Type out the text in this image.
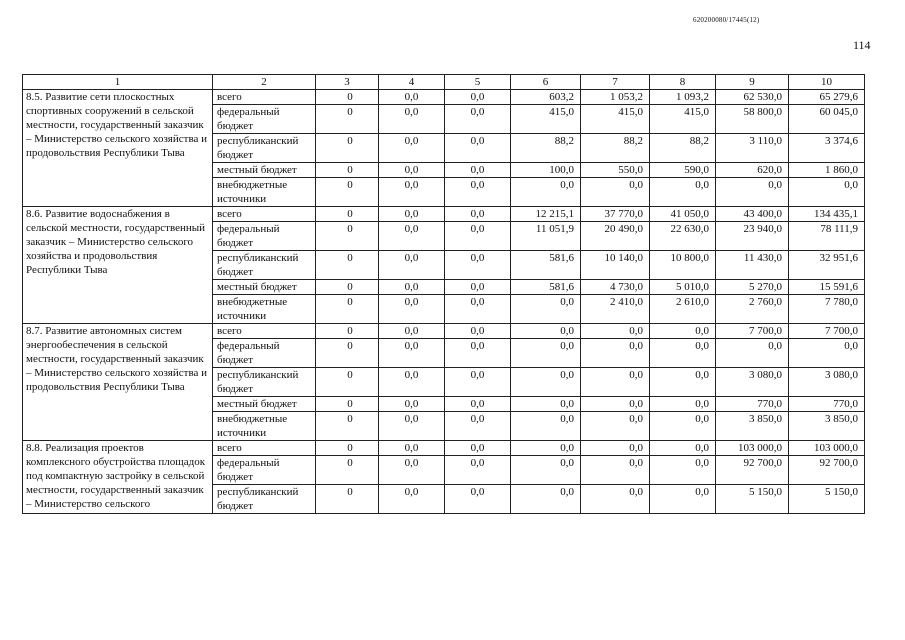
620200080/17445(12)
114
1	2	3	4	5	6	7	8	9	10
8.5. Развитие сети плоскостных спортивных сооружений в сельской местности, государственный заказчик – Министерство сельского хозяйства и продовольствия Республики Тыва	всего	0	0,0	0,0	603,2	1 053,2	1 093,2	62 530,0	65 279,6
	федеральный бюджет	0	0,0	0,0	415,0	415,0	415,0	58 800,0	60 045,0
	республиканский бюджет	0	0,0	0,0	88,2	88,2	88,2	3 110,0	3 374,6
	местный бюджет	0	0,0	0,0	100,0	550,0	590,0	620,0	1 860,0
	внебюджетные источники	0	0,0	0,0	0,0	0,0	0,0	0,0	0,0
8.6. Развитие водоснабжения в сельской местности, государственный заказчик – Министерство сельского хозяйства и продовольствия Республики Тыва	всего	0	0,0	0,0	12 215,1	37 770,0	41 050,0	43 400,0	134 435,1
	федеральный бюджет	0	0,0	0,0	11 051,9	20 490,0	22 630,0	23 940,0	78 111,9
	республиканский бюджет	0	0,0	0,0	581,6	10 140,0	10 800,0	11 430,0	32 951,6
	местный бюджет	0	0,0	0,0	581,6	4 730,0	5 010,0	5 270,0	15 591,6
	внебюджетные источники	0	0,0	0,0	0,0	2 410,0	2 610,0	2 760,0	7 780,0
8.7. Развитие автономных систем энергообеспечения в сельской местности, государственный заказчик – Министерство сельского хозяйства и продовольствия Республики Тыва	всего	0	0,0	0,0	0,0	0,0	0,0	7 700,0	7 700,0
	федеральный бюджет	0	0,0	0,0	0,0	0,0	0,0	0,0	0,0
	республиканский бюджет	0	0,0	0,0	0,0	0,0	0,0	3 080,0	3 080,0
	местный бюджет	0	0,0	0,0	0,0	0,0	0,0	770,0	770,0
	внебюджетные источники	0	0,0	0,0	0,0	0,0	0,0	3 850,0	3 850,0
8.8. Реализация проектов комплексного обустройства площадок под компактную застройку в сельской местности, государственный заказчик – Министерство сельского	всего	0	0,0	0,0	0,0	0,0	0,0	103 000,0	103 000,0
	федеральный бюджет	0	0,0	0,0	0,0	0,0	0,0	92 700,0	92 700,0
	республиканский бюджет	0	0,0	0,0	0,0	0,0	0,0	5 150,0	5 150,0
